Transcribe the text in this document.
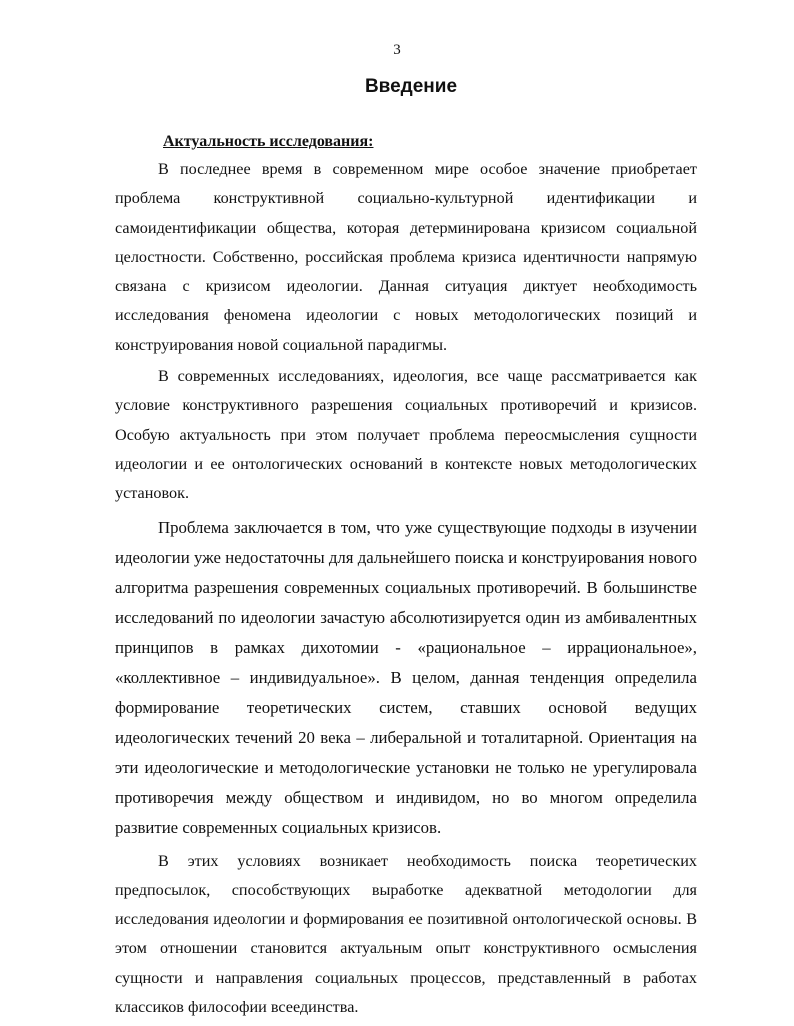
3
Введение
Актуальность исследования:

В последнее время в современном мире особое значение приобретает проблема конструктивной социально-культурной идентификации и самоидентификации общества, которая детерминирована кризисом социальной целостности. Собственно, российская проблема кризиса идентичности напрямую связана с кризисом идеологии. Данная ситуация диктует необходимость исследования феномена идеологии с новых методологических позиций и конструирования новой социальной парадигмы.

В современных исследованиях, идеология, все чаще рассматривается как условие конструктивного разрешения социальных противоречий и кризисов. Особую актуальность при этом получает проблема переосмысления сущности идеологии и ее онтологических оснований в контексте новых методологических установок.

Проблема заключается в том, что уже существующие подходы в изучении идеологии уже недостаточны для дальнейшего поиска и конструирования нового алгоритма разрешения современных социальных противоречий. В большинстве исследований по идеологии зачастую абсолютизируется один из амбивалентных принципов в рамках дихотомии - «рациональное – иррациональное», «коллективное – индивидуальное». В целом, данная тенденция определила формирование теоретических систем, ставших основой ведущих идеологических течений 20 века – либеральной и тоталитарной. Ориентация на эти идеологические и методологические установки не только не урегулировала противоречия между обществом и индивидом, но во многом определила развитие современных социальных кризисов.

В этих условиях возникает необходимость поиска теоретических предпосылок, способствующих выработке адекватной методологии для исследования идеологии и формирования ее позитивной онтологической основы. В этом отношении становится актуальным опыт конструктивного осмысления сущности и направления социальных процессов, представленный в работах классиков философии всеединства.
